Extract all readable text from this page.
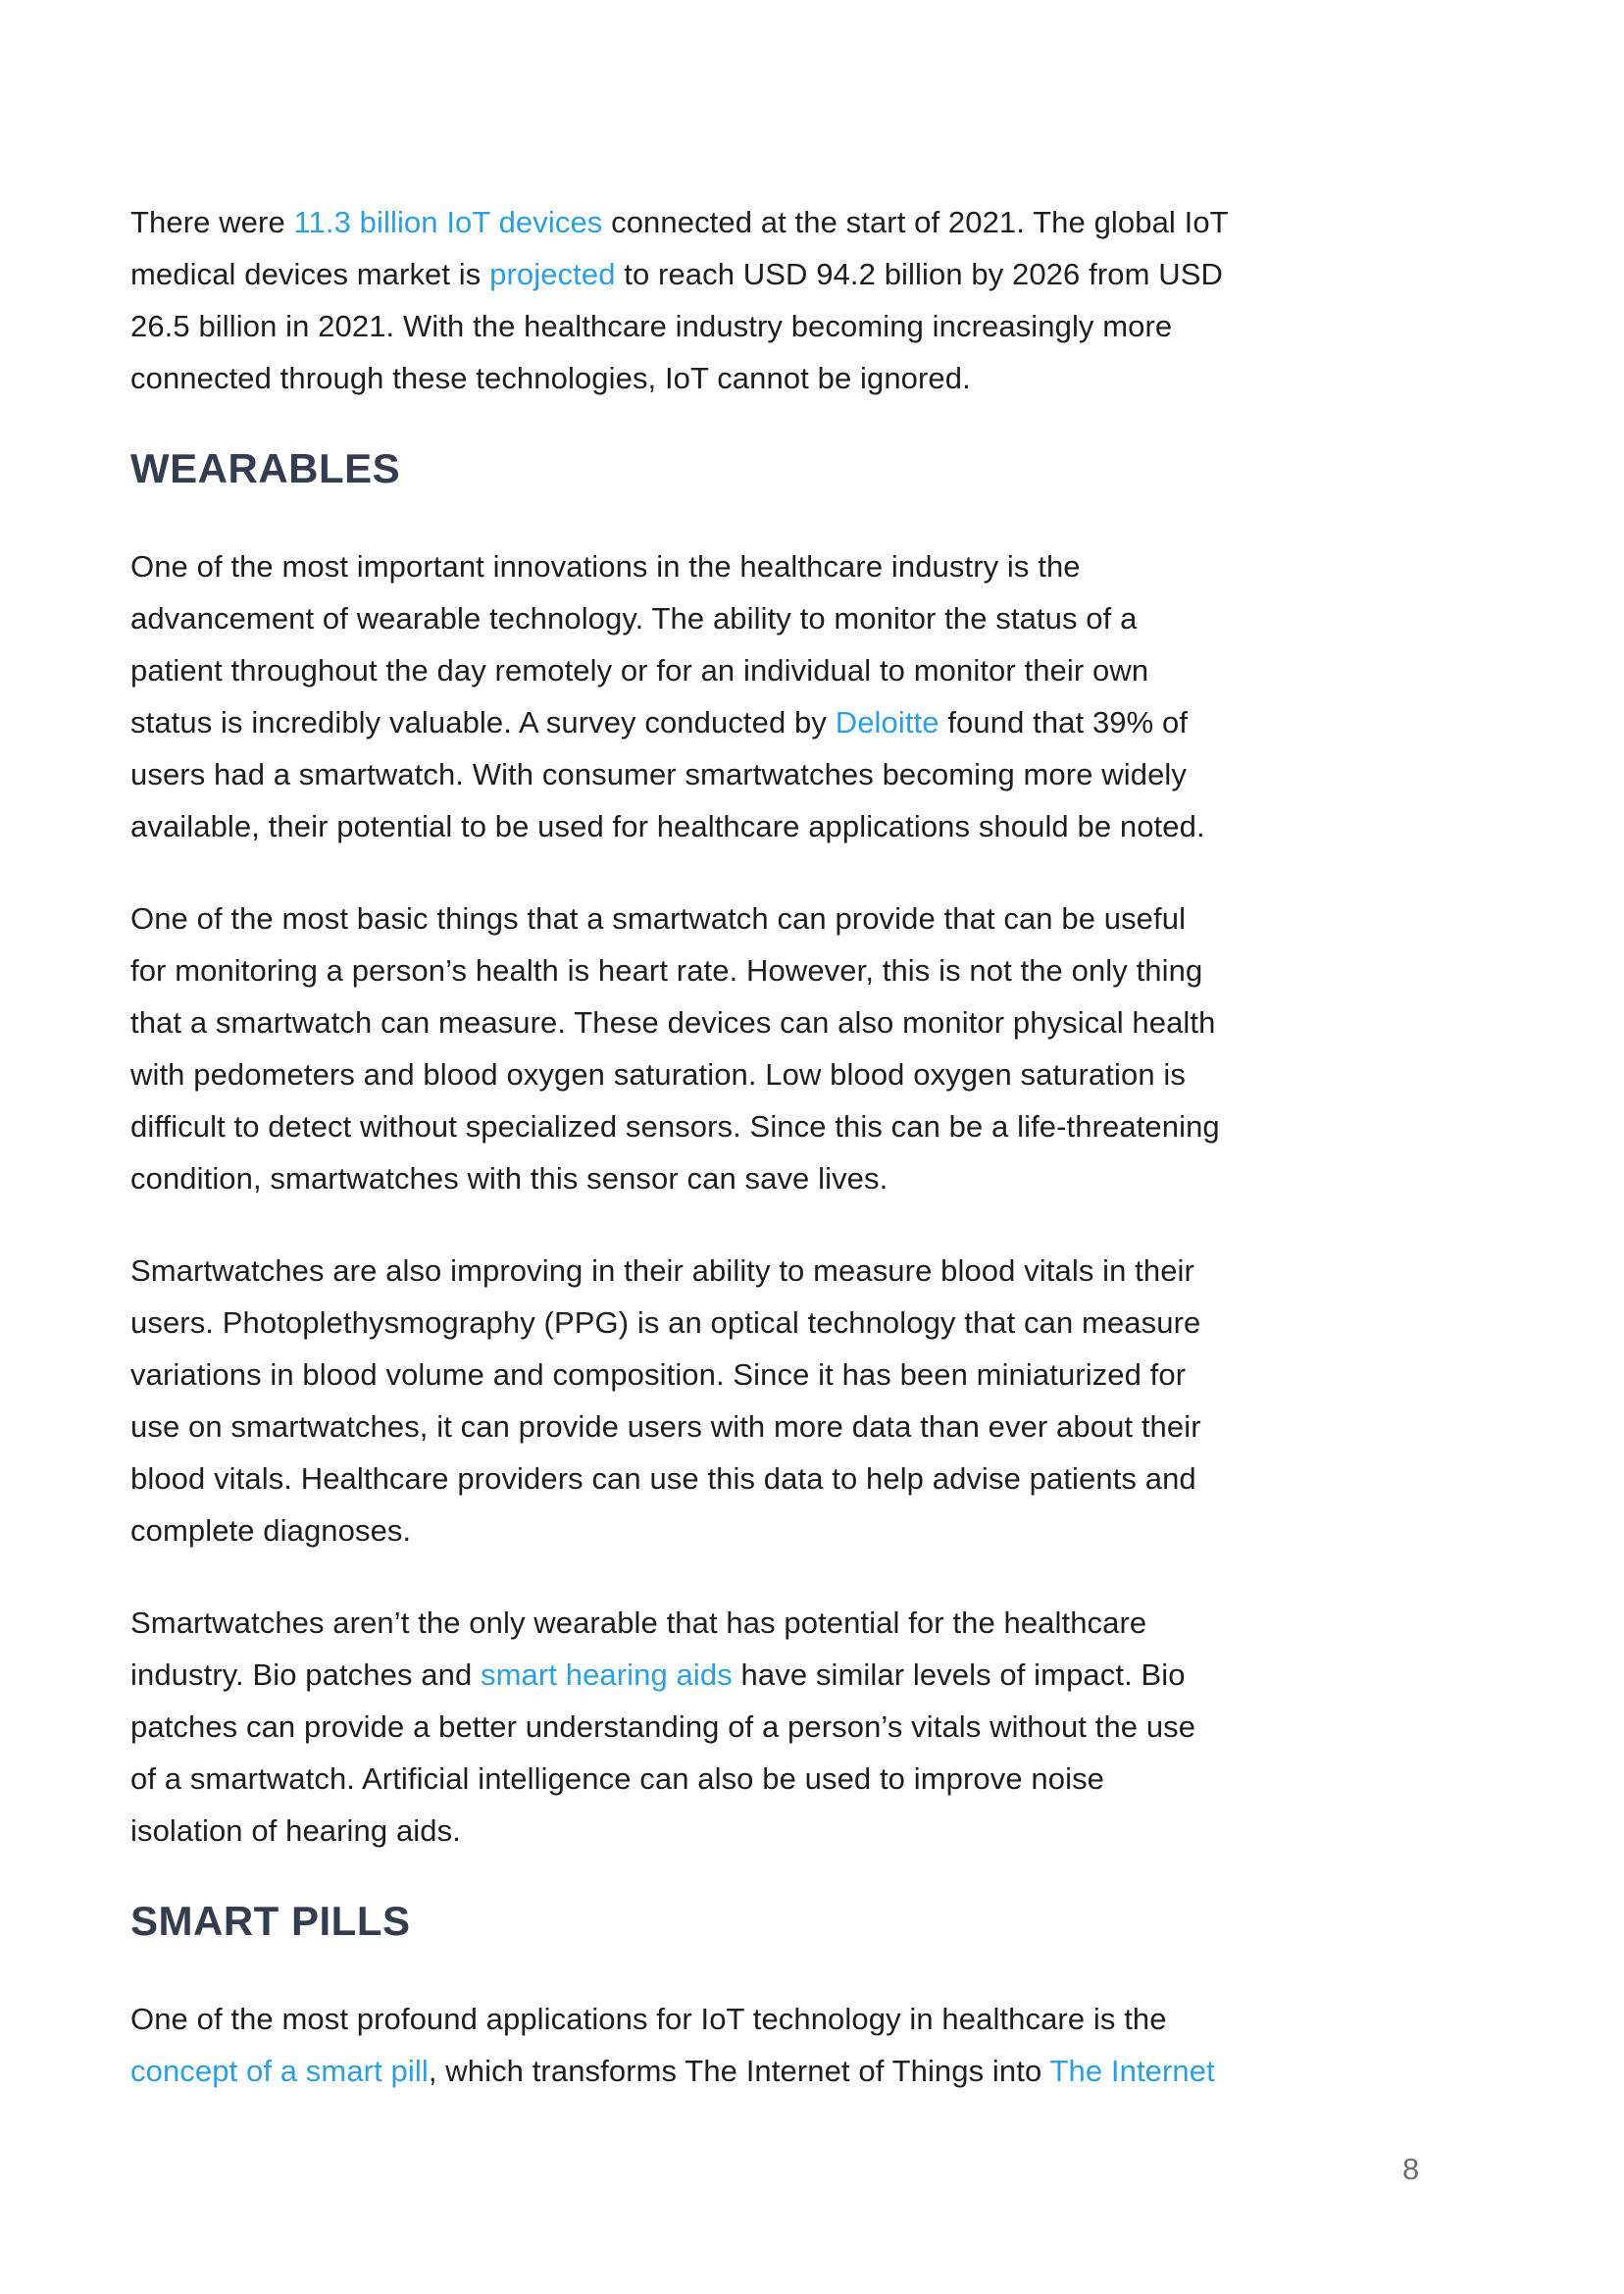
There were 11.3 billion IoT devices connected at the start of 2021. The global IoT
medical devices market is projected to reach USD 94.2 billion by 2026 from USD
26.5 billion in 2021. With the healthcare industry becoming increasingly more
connected through these technologies, IoT cannot be ignored.
WEARABLES
One of the most important innovations in the healthcare industry is the
advancement of wearable technology. The ability to monitor the status of a
patient throughout the day remotely or for an individual to monitor their own
status is incredibly valuable. A survey conducted by Deloitte found that 39% of
users had a smartwatch. With consumer smartwatches becoming more widely
available, their potential to be used for healthcare applications should be noted.
One of the most basic things that a smartwatch can provide that can be useful
for monitoring a person’s health is heart rate. However, this is not the only thing
that a smartwatch can measure. These devices can also monitor physical health
with pedometers and blood oxygen saturation. Low blood oxygen saturation is
difficult to detect without specialized sensors. Since this can be a life-threatening
condition, smartwatches with this sensor can save lives.
Smartwatches are also improving in their ability to measure blood vitals in their
users. Photoplethysmography (PPG) is an optical technology that can measure
variations in blood volume and composition. Since it has been miniaturized for
use on smartwatches, it can provide users with more data than ever about their
blood vitals. Healthcare providers can use this data to help advise patients and
complete diagnoses.
Smartwatches aren’t the only wearable that has potential for the healthcare
industry. Bio patches and smart hearing aids have similar levels of impact. Bio
patches can provide a better understanding of a person’s vitals without the use
of a smartwatch. Artificial intelligence can also be used to improve noise
isolation of hearing aids.
SMART PILLS
One of the most profound applications for IoT technology in healthcare is the
concept of a smart pill, which transforms The Internet of Things into The Internet
8
